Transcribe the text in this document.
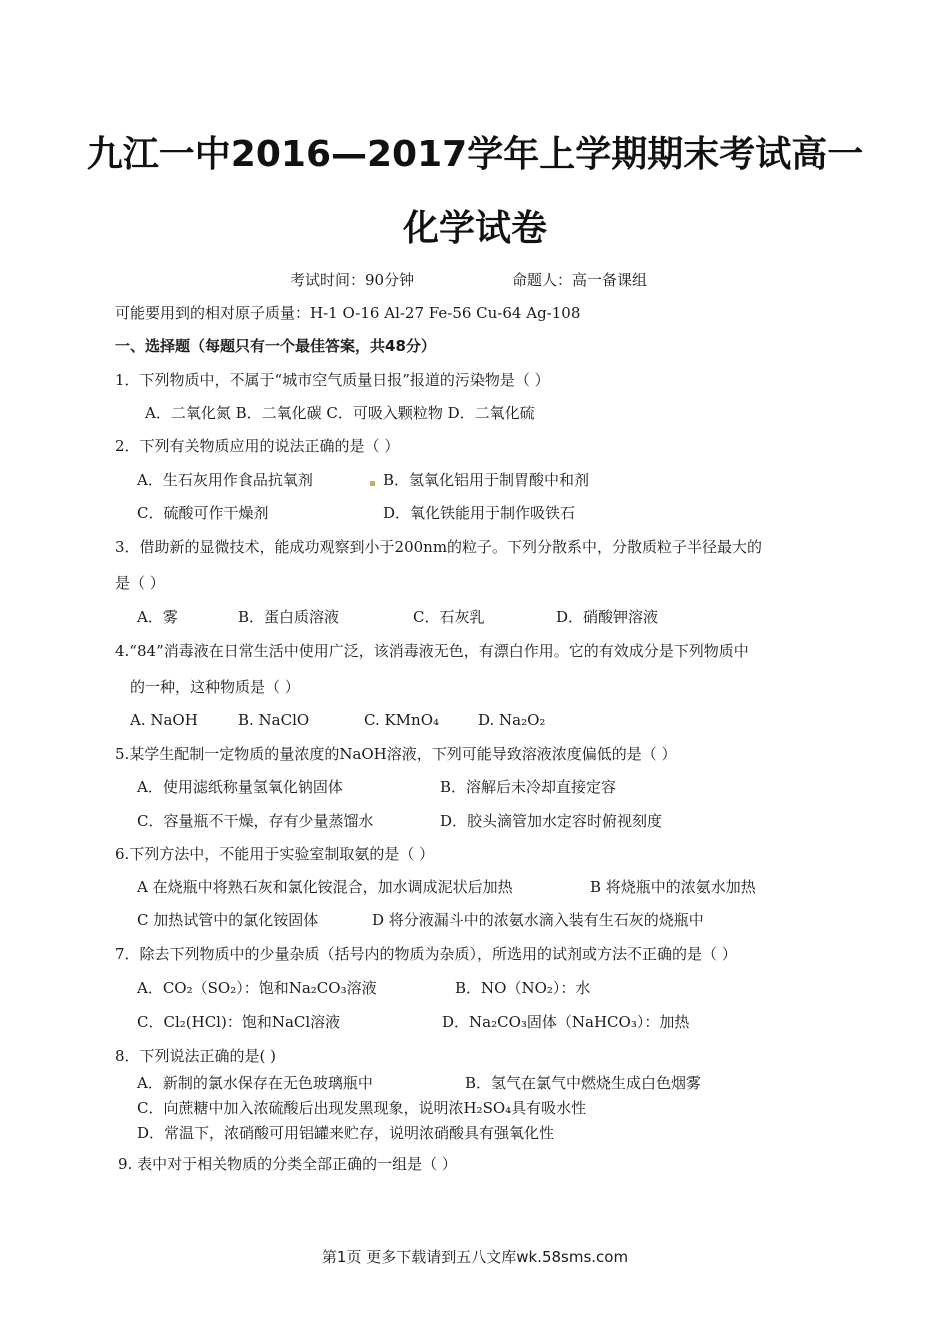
九江一中2016—2017学年上学期期末考试高一
化学试卷
考试时间：90分钟	命题人：高一备课组
可能要用到的相对原子质量：H-1 O-16 Al-27 Fe-56 Cu-64 Ag-108
一、选择题（每题只有一个最佳答案，共48分）
1．下列物质中，不属于“城市空气质量日报”报道的污染物是（ ）
A．二氧化氮 B．二氧化碳 C．可吸入颗粒物 D．二氧化硫
2．下列有关物质应用的说法正确的是（ ）
A．生石灰用作食品抗氧剂	B．氢氧化铝用于制胃酸中和剂
C．硫酸可作干燥剂	D．氧化铁能用于制作吸铁石
3．借助新的显微技术，能成功观察到小于200nm的粒子。下列分散系中，分散质粒子半径最大的
是（ ）
A．雾	B．蛋白质溶液	C．石灰乳	D．硝酸钾溶液
4.“84”消毒液在日常生活中使用广泛，该消毒液无色，有漂白作用。它的有效成分是下列物质中
的一种，这种物质是（ ）
A. NaOH	B. NaClO	C. KMnO₄	D. Na₂O₂
5.某学生配制一定物质的量浓度的NaOH溶液，下列可能导致溶液浓度偏低的是（ ）
A．使用滤纸称量氢氧化钠固体	B．溶解后未冷却直接定容
C．容量瓶不干燥，存有少量蒸馏水	D．胶头滴管加水定容时俯视刻度
6.下列方法中，不能用于实验室制取氨的是（ ）
A 在烧瓶中将熟石灰和氯化铵混合，加水调成泥状后加热	B 将烧瓶中的浓氨水加热
C 加热试管中的氯化铵固体	D 将分液漏斗中的浓氨水滴入装有生石灰的烧瓶中
7．除去下列物质中的少量杂质（括号内的物质为杂质），所选用的试剂或方法不正确的是（ ）
A．CO₂（SO₂）：饱和Na₂CO₃溶液	B．NO（NO₂）：水
C．Cl₂(HCl)：饱和NaCl溶液	D．Na₂CO₃固体（NaHCO₃）：加热
8．下列说法正确的是( )
A．新制的氯水保存在无色玻璃瓶中	B．氢气在氯气中燃烧生成白色烟雾
C．向蔗糖中加入浓硫酸后出现发黑现象，说明浓H₂SO₄具有吸水性
D．常温下，浓硝酸可用铝罐来贮存，说明浓硝酸具有强氧化性
9. 表中对于相关物质的分类全部正确的一组是（ ）
第1页 更多下载请到五八文库wk.58sms.com
